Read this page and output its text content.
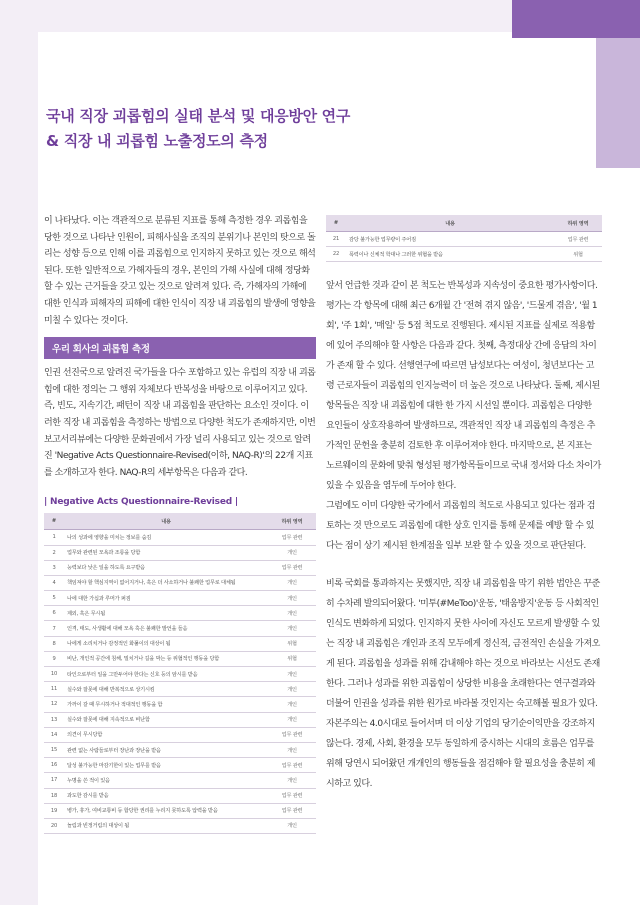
국내 직장 괴롭힘의 실태 분석 및 대응방안 연구
& 직장 내 괴롭힘 노출정도의 측정

이 나타났다. 이는 객관적으로 분류된 지표를 통해 측정한 경우 괴롭힘을 당한 것으로 나타난 인원이, 피해사실을 조직의 분위기나 본인의 탓으로 돌리는 성향 등으로 인해 이를 괴롭힘으로 인지하지 못하고 있는 것으로 해석된다. 또한 일반적으로 가해자들의 경우, 본인의 가해 사실에 대해 정당화 할 수 있는 근거들을 갖고 있는 것으로 알려져 있다. 즉, 가해자의 가해에 대한 인식과 피해자의 피해에 대한 인식이 직장 내 괴롭힘의 발생에 영향을 미칠 수 있다는 것이다.

우리 회사의 괴롭힘 측정

인권 선진국으로 알려진 국가들을 다수 포함하고 있는 유럽의 직장 내 괴롭힘에 대한 정의는 그 행위 자체보다 반복성을 바탕으로 이루어지고 있다. 즉, 빈도, 지속기간, 패턴이 직장 내 괴롭힘을 판단하는 요소인 것이다. 이러한 직장 내 괴롭힘을 측정하는 방법으로 다양한 척도가 존재하지만, 이번 보고서리뷰에는 다양한 문화권에서 가장 널리 사용되고 있는 것으로 알려진 'Negative Acts Questionnaire-Revised(이하, NAQ-R)'의 22개 지표를 소개하고자 한다. NAQ-R의 세부항목은 다음과 같다.

| Negative Acts Questionnaire-Revised |
#	내용	하위 영역
1	나의 성과에 영향을 미치는 정보를 숨김	업무 관련
2	업무와 관련된 모욕과 조롱을 당함	개인
3	능력보다 낮은 일을 하도록 요구받음	업무 관련
4	책임져야 할 핵심지역이 없어지거나, 혹은 더 사소하거나 불쾌한 업무로 대체됨	개인
5	나에 대한 가십과 루머가 퍼짐	개인
6	제외, 혹은 무시됨	개인
7	인격, 태도, 사생활에 대해 모욕 혹은 불쾌한 발언을 들음	개인
8	나에게 소리치거나 감정적인 화풀이의 대상이 됨	위협
9	비난, 개인적 공간에 침해, 밀치거나 길을 막는 등 위협적인 행동을 당함	위협
10	타인으로부터 일을 그만두어야 한다는 신호 등의 암시를 받음	개인
11	실수와 잘못에 대해 반복적으로 상기시킴	개인
12	가까이 갈 때 무시하거나 적대적인 행동을 함	개인
13	실수와 잘못에 대해 지속적으로 비난함	개인
14	의견이 무시당함	업무 관련
15	관련 없는 사람들로부터 장난과 장난을 받음	개인
16	달성 불가능한 마감기한이 있는 업무를 받음	업무 관련
17	누명을 쓴 적이 있음	개인
18	과도한 감시를 받음	업무 관련
19	병가, 휴가, 여비교통비 등 합당한 권리를 누리지 못하도록 압력을 받음	업무 관련
20	놀림과 빈정거림의 대상이 됨	개인
#	내용	하위 영역
21	감당 불가능한 업무량이 주어짐	업무 관련
22	폭력이나 신체적 학대나 그러한 위협을 받음	위협

앞서 언급한 것과 같이 본 척도는 반복성과 지속성이 중요한 평가사항이다. 평가는 각 항목에 대해 최근 6개월 간 '전혀 겪지 않음', '드물게 겪음', '월 1회', '주 1회', '매일' 등 5점 척도로 진행된다. 제시된 지표를 실제로 적용함에 있어 주의해야 할 사항은 다음과 같다. 첫째, 측정대상 간에 응답의 차이가 존재 할 수 있다. 선행연구에 따르면 남성보다는 여성이, 청년보다는 고령 근로자들이 괴롭힘의 인지능력이 더 높은 것으로 나타났다. 둘째, 제시된 항목들은 직장 내 괴롭힘에 대한 한 가지 시선일 뿐이다. 괴롭힘은 다양한 요인들이 상호작용하여 발생하므로, 객관적인 직장 내 괴롭힘의 측정은 추가적인 문헌을 충분히 검토한 후 이루어져야 한다. 마지막으로, 본 지표는 노르웨이의 문화에 맞춰 형성된 평가항목들이므로 국내 정서와 다소 차이가 있을 수 있음을 염두에 두어야 한다.

그럼에도 이미 다양한 국가에서 괴롭힘의 척도로 사용되고 있다는 점과 검토하는 것 만으로도 괴롭힘에 대한 상호 인지를 통해 문제를 예방 할 수 있다는 점이 상기 제시된 한계점을 일부 보완 할 수 있을 것으로 판단된다.

비록 국회를 통과하지는 못했지만, 직장 내 괴롭힘을 막기 위한 법안은 꾸준히 수차례 발의되어왔다. '미투(#MeToo)'운동, '태움방지'운동 등 사회적인 인식도 변화하게 되었다. 인지하지 못한 사이에 자신도 모르게 발생할 수 있는 직장 내 괴롭힘은 개인과 조직 모두에게 정신적, 금전적인 손실을 가져오게 된다. 괴롭힘을 성과를 위해 감내해야 하는 것으로 바라보는 시선도 존재한다. 그러나 성과를 위한 괴롭힘이 상당한 비용을 초래한다는 연구결과와 더불어 인권을 성과를 위한 원가로 바라볼 것인지는 숙고해볼 필요가 있다. 자본주의는 4.0시대로 들어서며 더 이상 기업의 당기순이익만을 강조하지 않는다. 경제, 사회, 환경을 모두 동일하게 중시하는 시대의 흐름은 업무를 위해 당연시 되어왔던 개개인의 행동들을 점검해야 할 필요성을 충분히 제시하고 있다.
